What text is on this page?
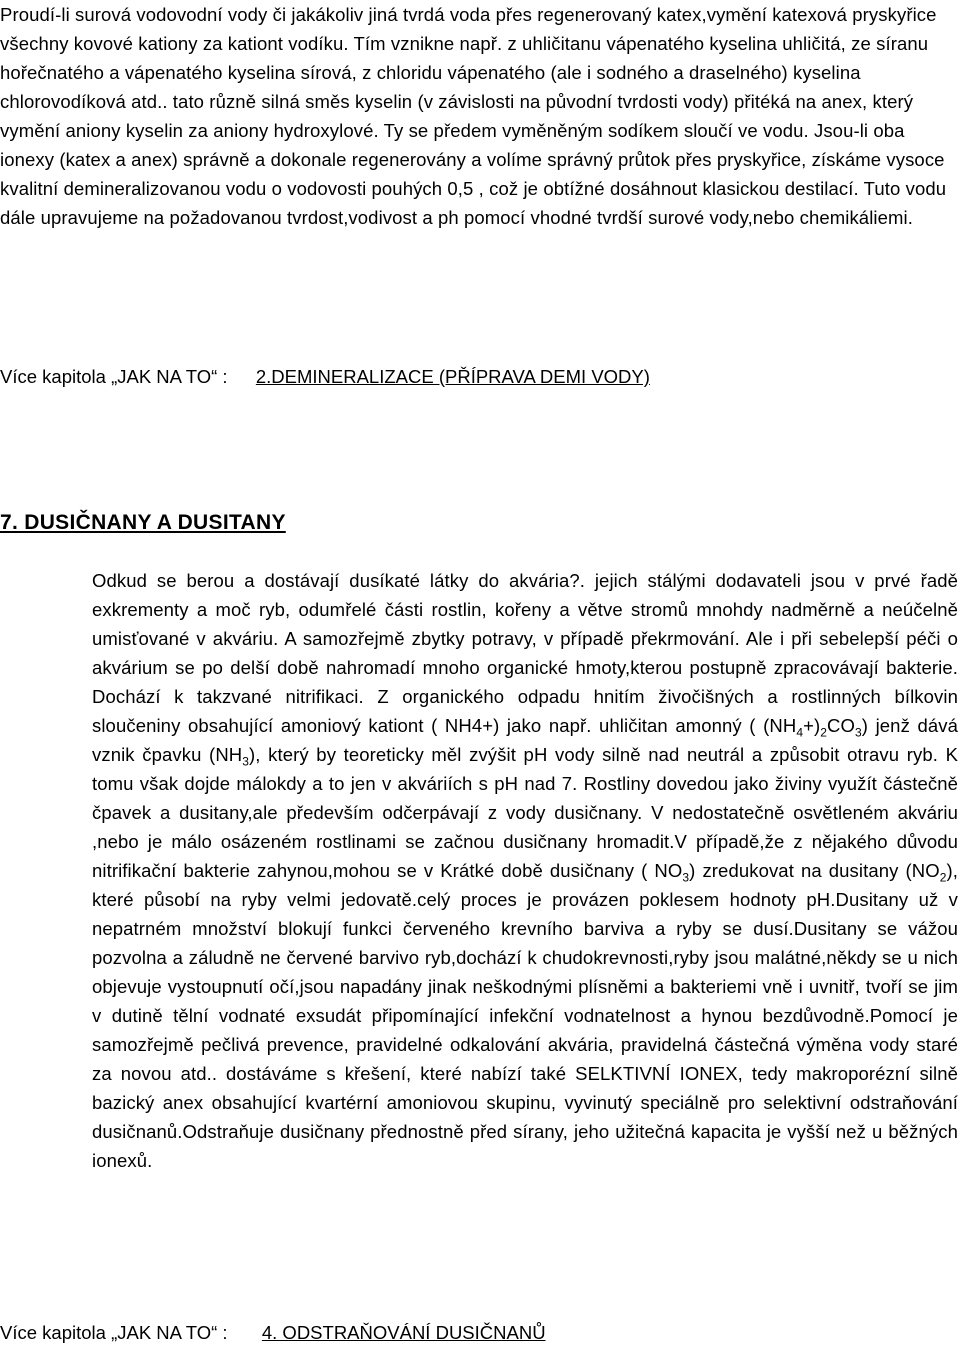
Proudí-li surová vodovodní vody či jakákoliv jiná tvrdá voda přes regenerovaný katex,vymění katexová pryskyřice všechny kovové kationy za kationt vodíku. Tím vznikne např. z uhličitanu vápenatého kyselina uhličitá, ze síranu hořečnatého a vápenatého kyselina sírová, z chloridu vápenatého (ale i sodného a draselného) kyselina chlorovodíková atd.. tato různě silná směs kyselin (v závislosti na původní tvrdosti vody) přitéká na anex, který vymění aniony kyselin za aniony hydroxylové. Ty se předem vyměněným sodíkem sloučí ve vodu. Jsou-li oba ionexy (katex a anex) správně a dokonale regenerovány a volíme správný průtok přes pryskyřice, získáme vysoce kvalitní demineralizovanou vodu o vodovosti pouhých 0,5 , což je obtížné dosáhnout klasickou destilací. Tuto vodu dále upravujeme na požadovanou tvrdost,vodivost a ph pomocí vhodné tvrdší surové vody,nebo chemikáliemi.

Více kapitola „JAK NA TO“ : 2.DEMINERALIZACE (PŘÍPRAVA DEMI VODY)

7. DUSIČNANY A DUSITANY

Odkud se berou a dostávají dusíkaté látky do akvária?. jejich stálými dodavateli jsou v prvé řadě exkrementy a moč ryb, odumřelé části rostlin, kořeny a větve stromů mnohdy nadměrně a neúčelně umisťované v akváriu. A samozřejmě zbytky potravy, v případě překrmování. Ale i při sebelepší péči o akvárium se po delší době nahromadí mnoho organické hmoty,kterou postupně zpracovávají bakterie. Dochází k takzvané nitrifikaci. Z organického odpadu hnitím živočišných a rostlinných bílkovin sloučeniny obsahující amoniový kationt ( NH4+) jako např. uhličitan amonný ( $(NH_4+)_2CO_3$) jenž dává vznik čpavku $(NH_3)$, který by teoreticky měl zvýšit pH vody silně nad neutrál a způsobit otravu ryb. K tomu však dojde málokdy a to jen v akváriích s pH nad 7. Rostliny dovedou jako živiny využít částečně čpavek a dusitany,ale především odčerpávají z vody dusičnany. V nedostatečně osvětleném akváriu ,nebo je málo osázeném rostlinami se začnou dusičnany hromadit.V případě,že z nějakého důvodu nitrifikační bakterie zahynou,mohou se v Krátké době dusičnany ( $NO_3$) zredukovat na dusitany $(NO_2)$, které působí na ryby velmi jedovatě.celý proces je provázen poklesem hodnoty pH.Dusitany už v nepatrném množství blokují funkci červeného krevního barviva a ryby se dusí.Dusitany se vážou pozvolna a záludně ne červené barvivo ryb,dochází k chudokrevnosti,ryby jsou malátné,někdy se u nich objevuje vystoupnutí očí,jsou napadány jinak neškodnými plísněmi a bakteriemi vně i uvnitř, tvoří se jim v dutině tělní vodnaté exsudát připomínající infekční vodnatelnost a hynou bezdůvodně.Pomocí je samozřejmě pečlivá prevence, pravidelné odkalování akvária, pravidelná částečná výměna vody staré za novou atd.. dostáváme s křešení, které nabízí také SELKTIVNÍ IONEX, tedy makroporézní silně bazický anex obsahující kvartérní amoniovou skupinu, vyvinutý speciálně pro selektivní odstraňování dusičnanů.Odstraňuje dusičnany přednostně před sírany, jeho užitečná kapacita je vyšší než u běžných ionexů.

Více kapitola „JAK NA TO“ : 4. ODSTRAŇOVÁNÍ DUSIČNANŮ
